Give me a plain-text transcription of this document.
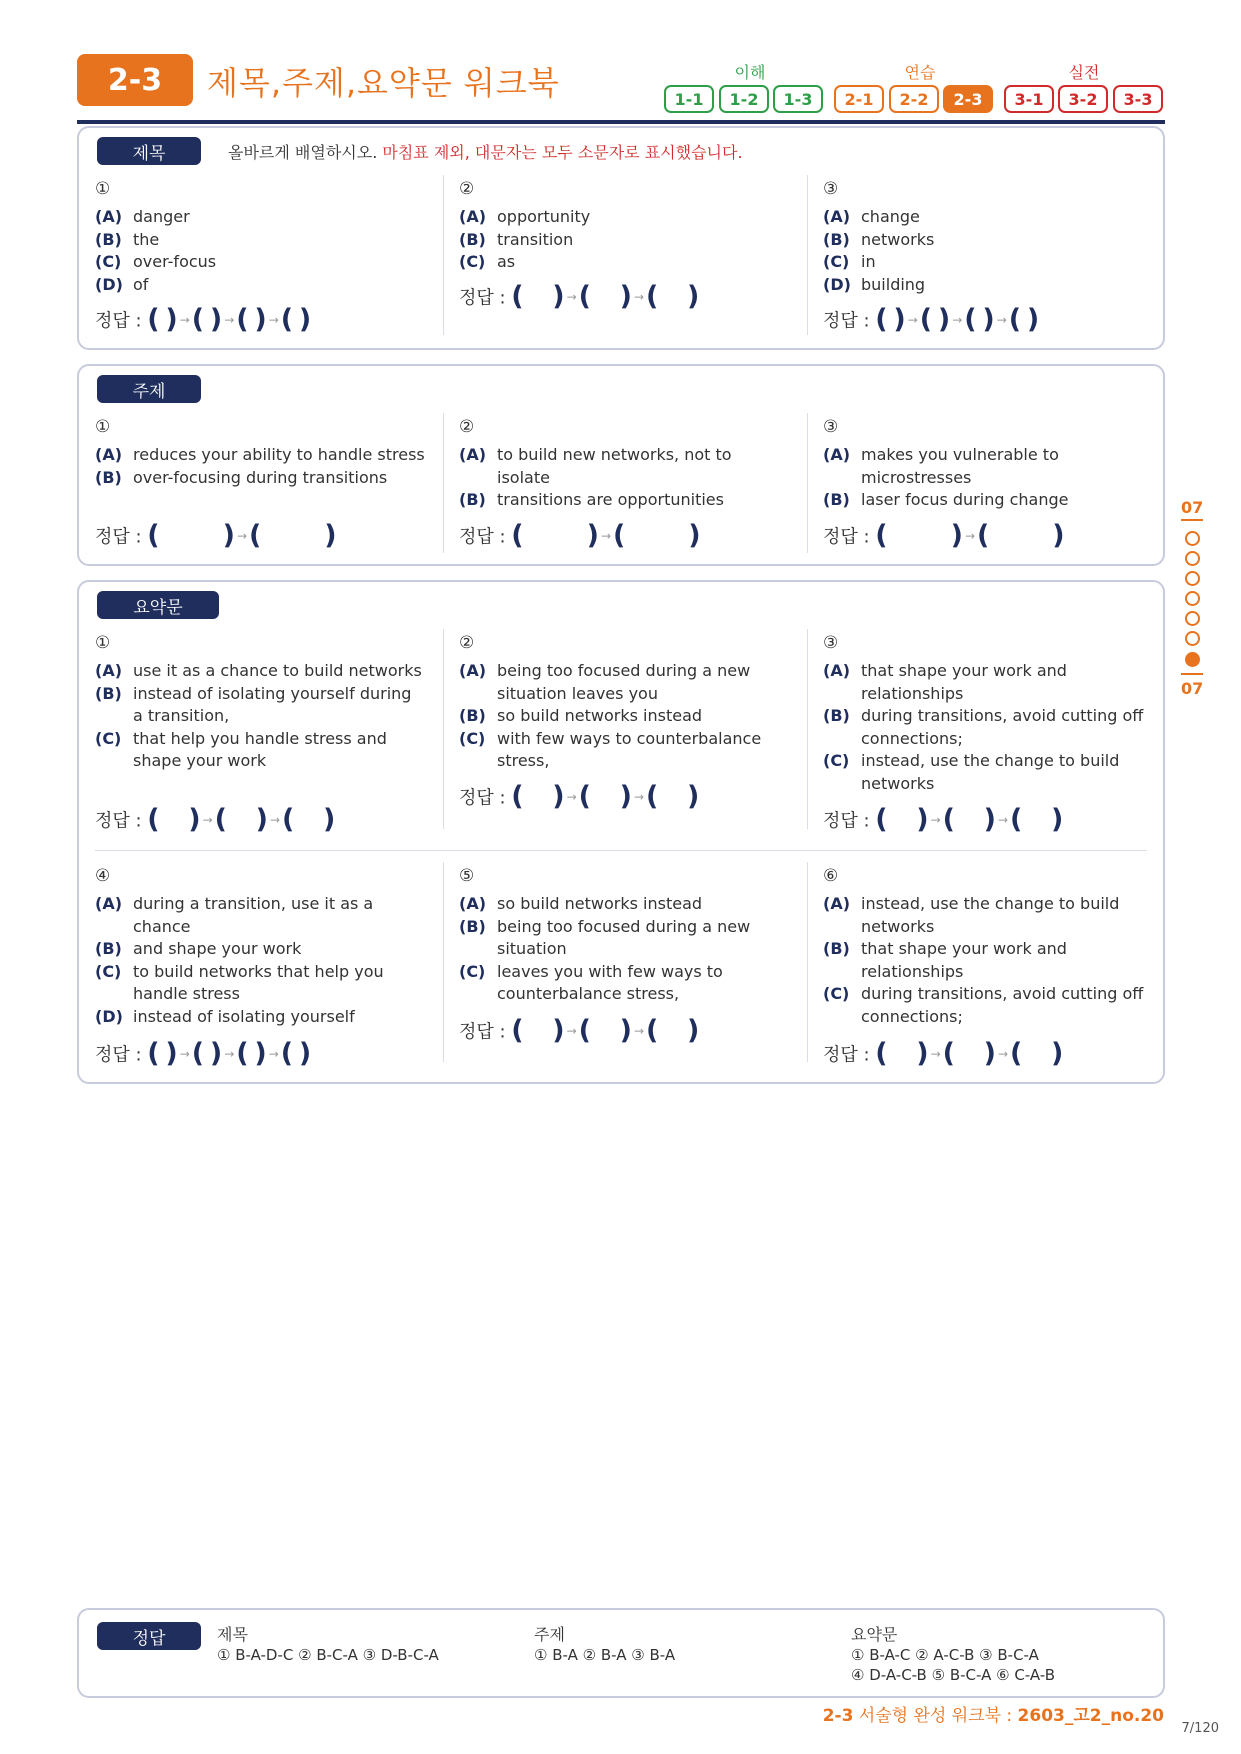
2-3	제목,주제,요약문 워크북	이해	연습	실전
1-1	1-2	1-3	2-1	2-2	2-3	3-1	3-2	3-3
제목	올바르게 배열하시오. 마침표 제외, 대문자는 모두 소문자로 표시했습니다.
①
(A) danger
(B) the
(C) over-focus
(D) of
정답 : ( ) →( ) →( ) →( )
②
(A) opportunity
(B) transition
(C) as
정답 : ( ) →( ) →( )
③
(A) change
(B) networks
(C) in
(D) building
정답 : ( ) →( ) →( ) →( )
주제
①
(A) reduces your ability to handle stress
(B) over-focusing during transitions
정답 : ( ) →( )
②
(A) to build new networks, not to isolate
(B) transitions are opportunities
정답 : ( ) →( )
③
(A) makes you vulnerable to microstresses
(B) laser focus during change
정답 : ( ) →( )
요약문
①
(A) use it as a chance to build networks
(B) instead of isolating yourself during a transition,
(C) that help you handle stress and shape your work
정답 : ( ) →( ) →( )
②
(A) being too focused during a new situation leaves you
(B) so build networks instead
(C) with few ways to counterbalance stress,
정답 : ( ) →( ) →( )
③
(A) that shape your work and relationships
(B) during transitions, avoid cutting off connections;
(C) instead, use the change to build networks
정답 : ( ) →( ) →( )
④
(A) during a transition, use it as a chance
(B) and shape your work
(C) to build networks that help you handle stress
(D) instead of isolating yourself
정답 : ( ) →( ) →( ) →( )
⑤
(A) so build networks instead
(B) being too focused during a new situation
(C) leaves you with few ways to counterbalance stress,
정답 : ( ) →( ) →( )
⑥
(A) instead, use the change to build networks
(B) that shape your work and relationships
(C) during transitions, avoid cutting off connections;
정답 : ( ) →( ) →( )
07
07
정답	제목
① B-A-D-C ② B-C-A ③ D-B-C-A
주제
① B-A ② B-A ③ B-A
요약문
① B-A-C ② A-C-B ③ B-C-A
④ D-A-C-B ⑤ B-C-A ⑥ C-A-B
2-3 서술형 완성 워크북 : 2603_고2_no.20
7/120
